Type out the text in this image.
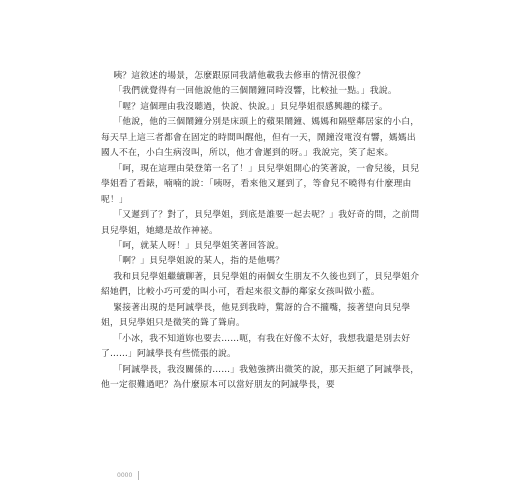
咦？這敘述的場景，怎麼跟原同我請他載我去修車的情況很像？

「我們就覺得有一回他說他的三個鬧鐘同時沒響，比較扯一點。」我說。

「喔？這個理由我沒聽過，快說、快說。」貝兒學姐很感興趣的樣子。

「他說，他的三個鬧鐘分別是床頭上的蘋果鬧鐘、媽媽和隔壁鄰居家的小白，每天早上這三者都會在固定的時間叫醒他，但有一天，鬧鐘沒電沒有響，媽媽出國人不在，小白生病沒叫，所以，他才會遲到的呀。」我說完，笑了起來。

「呵，現在這理由榮登第一名了！」貝兒學姐開心的笑著說，一會兒後，貝兒學姐看了看錶，喃喃的說：「咦呀，看來他又遲到了，等會兒不曉得有什麼理由呢！」

「又遲到了？對了，貝兒學姐，到底是誰要一起去呢？」我好奇的問，之前問貝兒學姐，她總是故作神祕。

「呵，就某人呀！」貝兒學姐笑著回答說。

「啊？」貝兒學姐說的某人，指的是他嗎？

我和貝兒學姐繼續聊著，貝兒學姐的兩個女生朋友不久後也到了，貝兒學姐介紹她們，比較小巧可愛的叫小可，看起來很文靜的鄰家女孩叫做小藍。

緊接著出現的是阿誠學長，他見到我時，驚訝的合不攏嘴，接著望向貝兒學姐，貝兒學姐只是微笑的聳了聳肩。

「小冰，我不知道妳也要去……呃，有我在好像不太好，我想我還是別去好了……」阿誠學長有些慌張的說。

「阿誠學長，我沒關係的……」我勉強擠出微笑的說，那天拒絕了阿誠學長，他一定很難過吧？為什麼原本可以當好朋友的阿誠學長，要

0000
